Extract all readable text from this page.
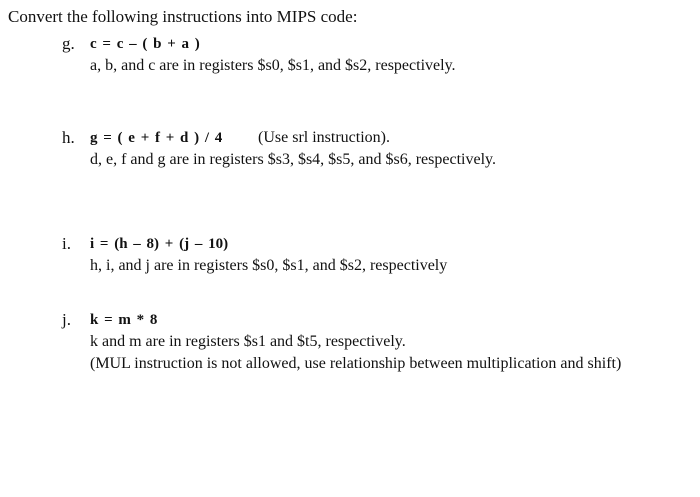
Convert the following instructions into MIPS code:
g. c = c – ( b + a )
a, b, and c are in registers $s0, $s1, and $s2, respectively.
h. g = ( e + f + d ) / 4 (Use srl instruction).
d, e, f and g are in registers $s3, $s4, $s5, and $s6, respectively.
i. i = (h – 8) + (j – 10)
h, i, and j are in registers $s0, $s1, and $s2, respectively
j. k = m * 8
k and m are in registers $s1 and $t5, respectively.
(MUL instruction is not allowed, use relationship between multiplication and shift)
